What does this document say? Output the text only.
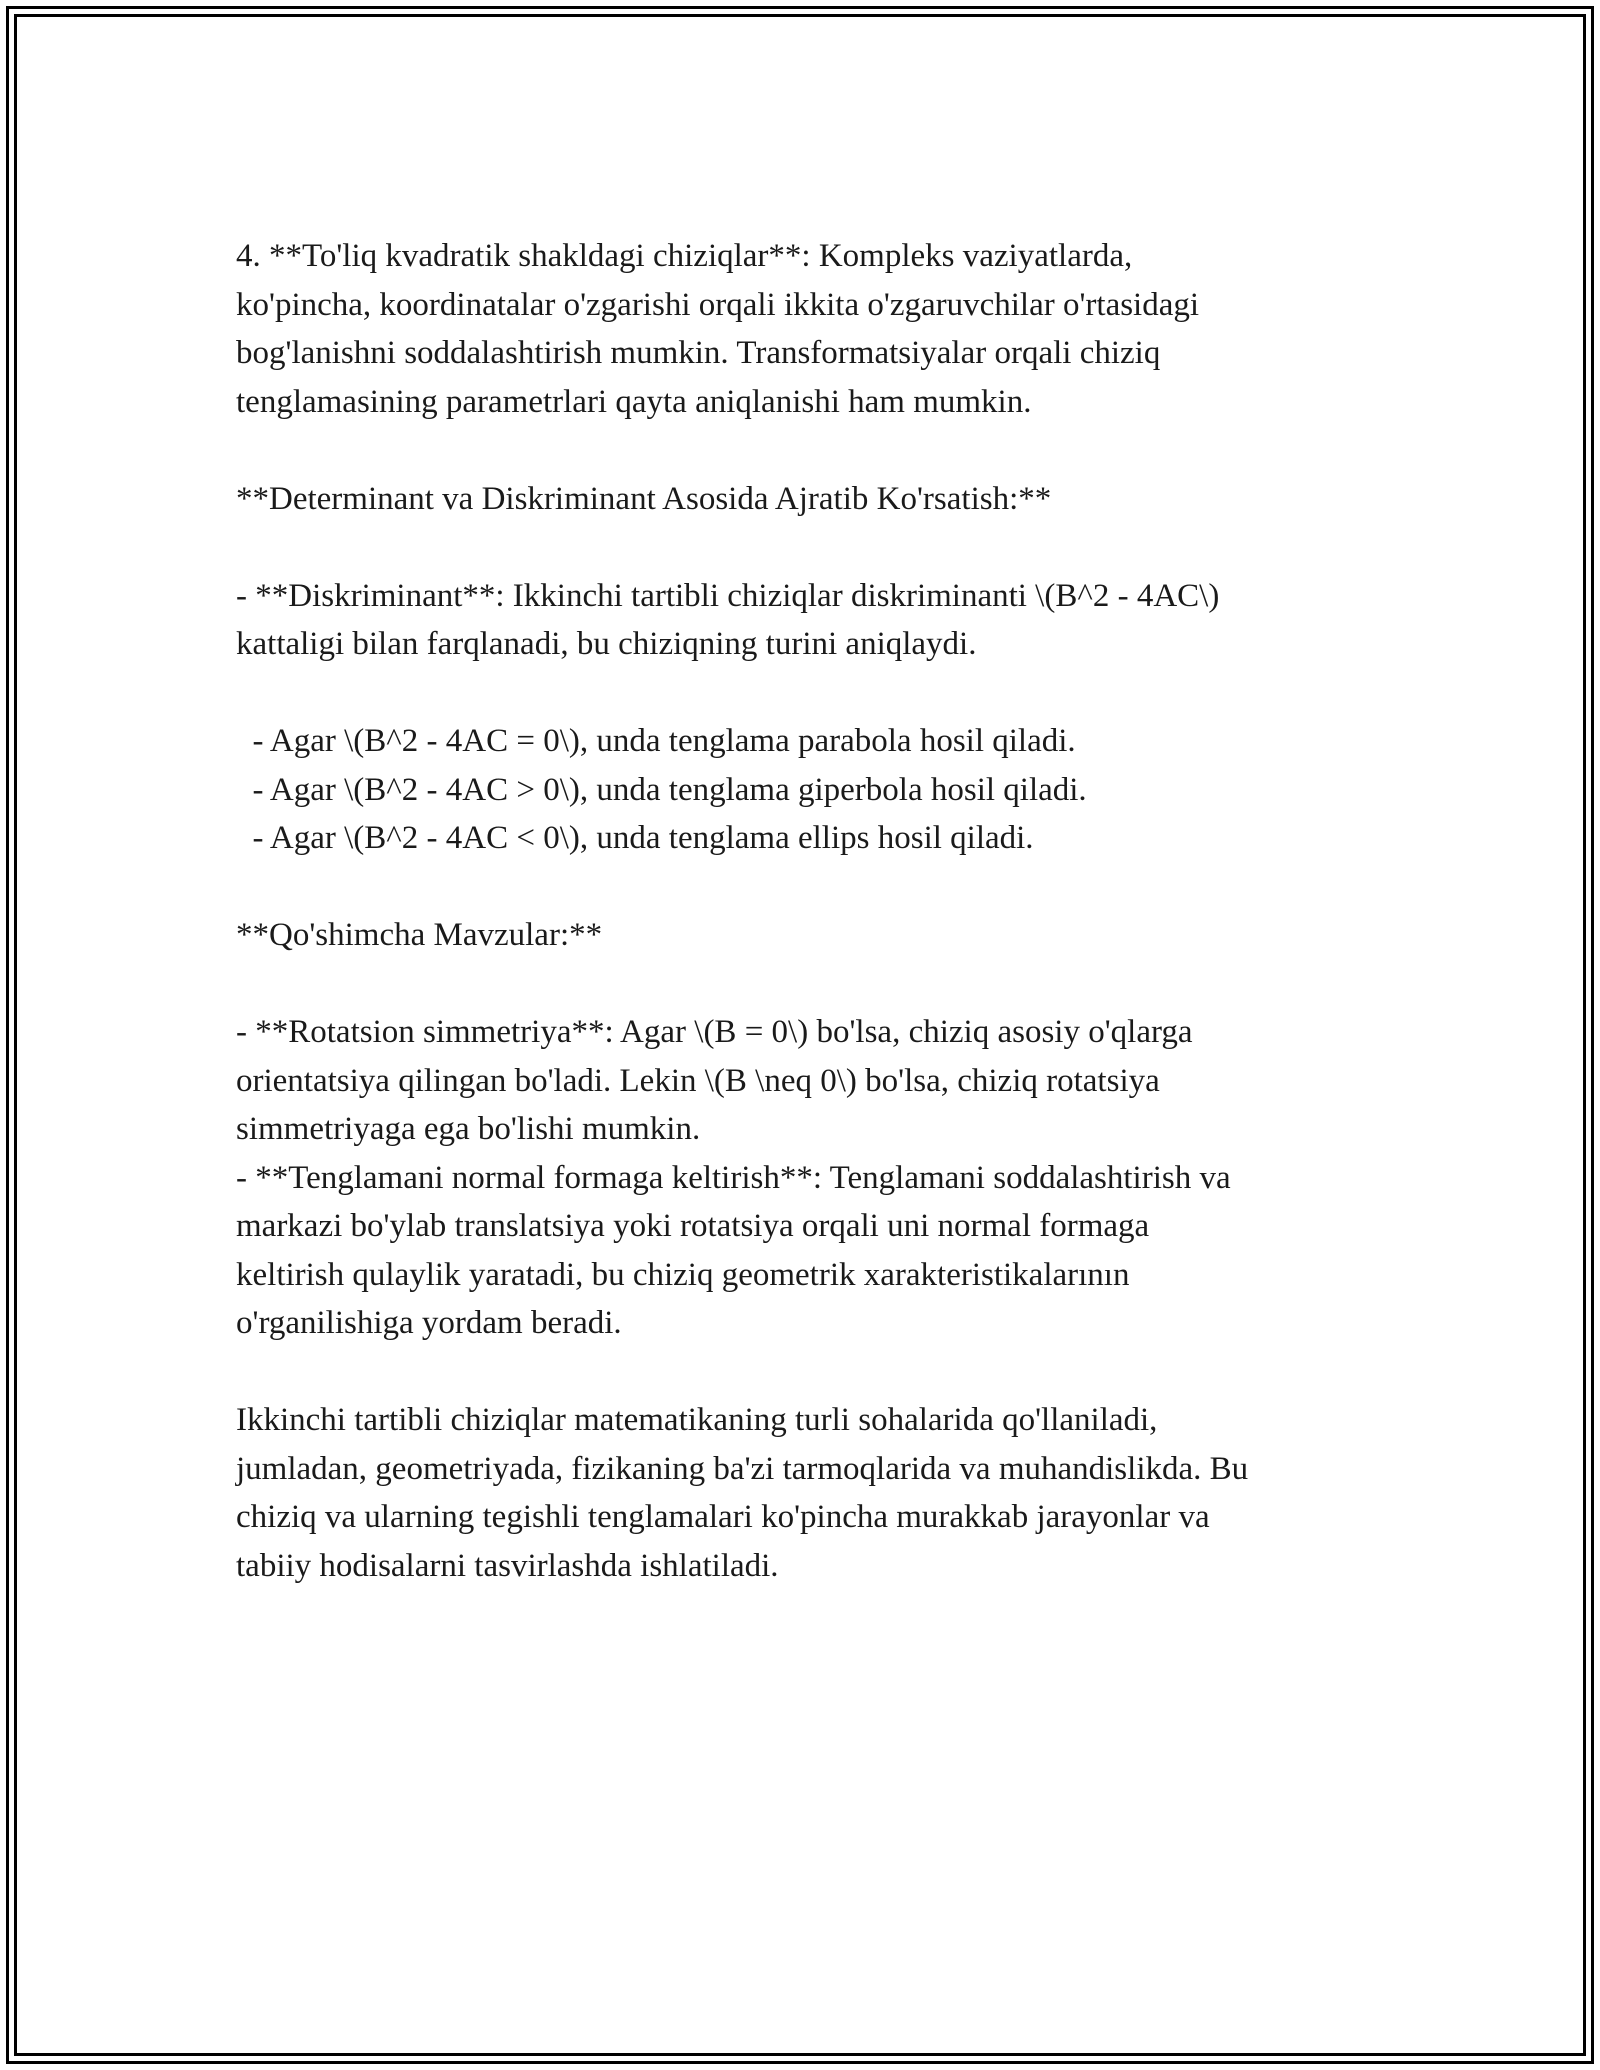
4. **To'liq kvadratik shakldagi chiziqlar**: Kompleks vaziyatlarda,
ko'pincha, koordinatalar o'zgarishi orqali ikkita o'zgaruvchilar o'rtasidagi
bog'lanishni soddalashtirish mumkin. Transformatsiyalar orqali chiziq
tenglamasining parametrlari qayta aniqlanishi ham mumkin.
**Determinant va Diskriminant Asosida Ajratib Ko'rsatish:**
- **Diskriminant**: Ikkinchi tartibli chiziqlar diskriminanti \(B^2 - 4AC\)
kattaligi bilan farqlanadi, bu chiziqning turini aniqlaydi.
- Agar \(B^2 - 4AC = 0\), unda tenglama parabola hosil qiladi.
- Agar \(B^2 - 4AC > 0\), unda tenglama giperbola hosil qiladi.
- Agar \(B^2 - 4AC < 0\), unda tenglama ellips hosil qiladi.
**Qo'shimcha Mavzular:**
- **Rotatsion simmetriya**: Agar \(B = 0\) bo'lsa, chiziq asosiy o'qlarga
orientatsiya qilingan bo'ladi. Lekin \(B \neq 0\) bo'lsa, chiziq rotatsiya
simmetriyaga ega bo'lishi mumkin.
- **Tenglamani normal formaga keltirish**: Tenglamani soddalashtirish va
markazi bo'ylab translatsiya yoki rotatsiya orqali uni normal formaga
keltirish qulaylik yaratadi, bu chiziq geometrik xarakteristikalarının
o'rganilishiga yordam beradi.
Ikkinchi tartibli chiziqlar matematikaning turli sohalarida qo'llaniladi,
jumladan, geometriyada, fizikaning ba'zi tarmoqlarida va muhandislikda. Bu
chiziq va ularning tegishli tenglamalari ko'pincha murakkab jarayonlar va
tabiiy hodisalarni tasvirlashda ishlatiladi.
